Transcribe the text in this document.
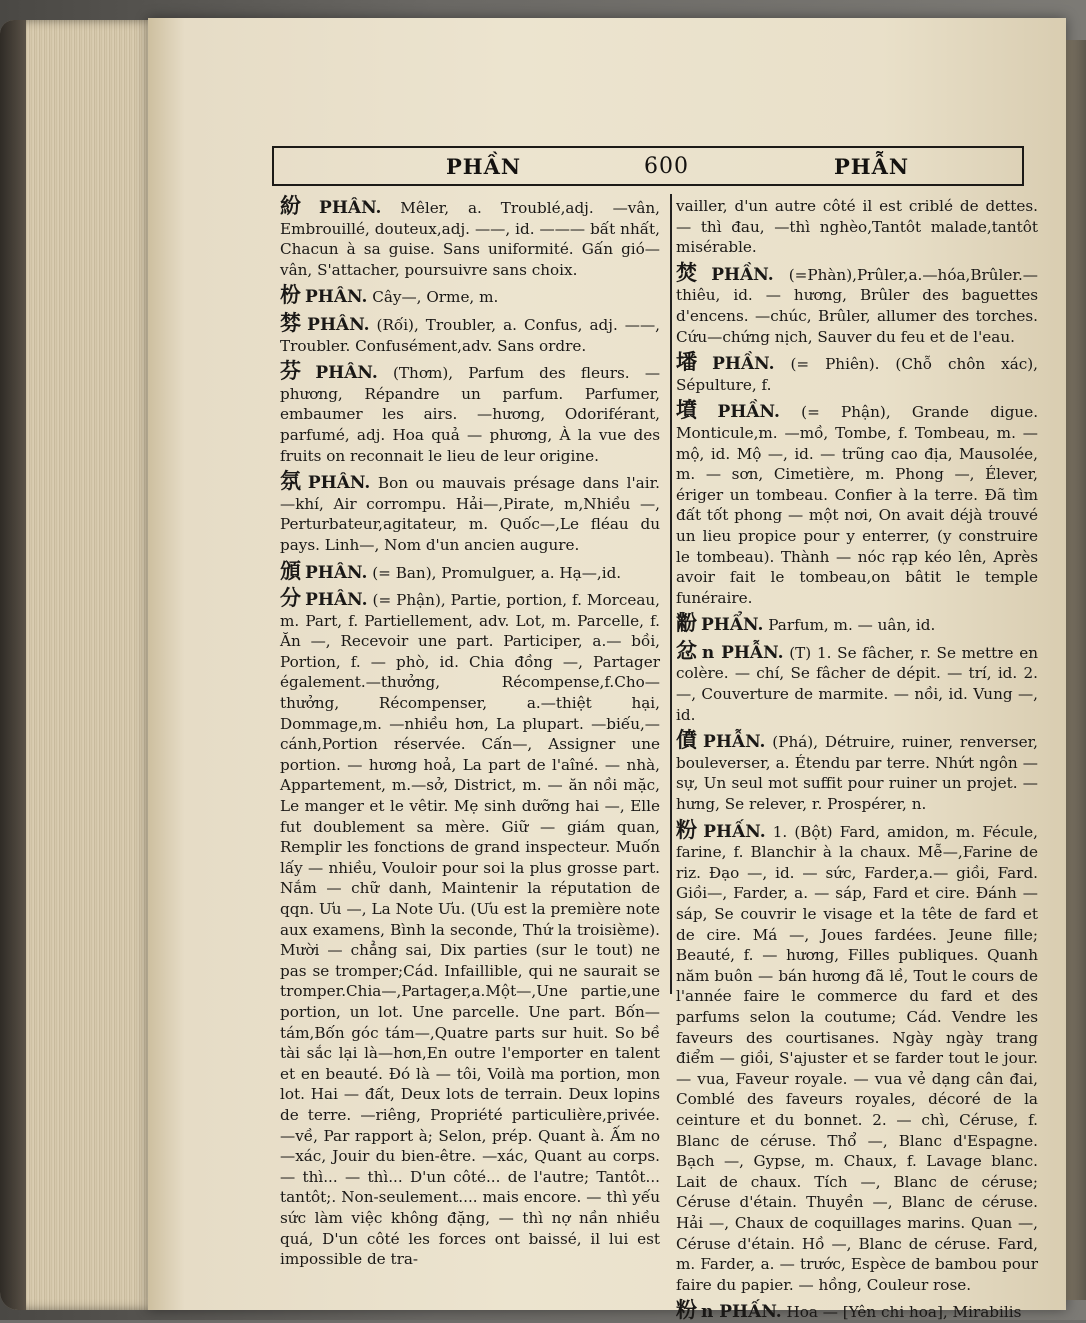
PHẦN	600	PHẪN

紛 PHÂN. Mêler, a. Troublé,adj. —vân, Embrouillé, douteux,adj. ——, id. ——— bất nhất, Chacun à sa guise. Sans uniformité. Gấn gió—vân, S'attacher, poursuivre sans choix.

枌 PHÂN. Cây—, Orme, m.

棼 PHÂN. (Rối), Troubler, a. Confus, adj. ——, Troubler. Confusément,adv. Sans ordre.

芬 PHÂN. (Thơm), Parfum des fleurs. — phương, Répandre un parfum. Parfumer, embaumer les airs. —hương, Odoriférant, parfumé, adj. Hoa quả — phương, À la vue des fruits on reconnait le lieu de leur origine.

氛 PHÂN. Bon ou mauvais présage dans l'air. —khí, Air corrompu. Hải—,Pirate, m,Nhiều —, Perturbateur,agitateur, m. Quốc—,Le fléau du pays. Linh—, Nom d'un ancien augure.

頒 PHÂN. (= Ban), Promulguer, a. Hạ—,id.

分 PHÂN. (= Phận), Partie, portion, f. Morceau, m. Part, f. Partiellement, adv. Lot, m. Parcelle, f. Ăn —, Recevoir une part. Participer, a.— bồi, Portion, f. — phò, id. Chia đồng —, Partager également.—thưởng, Récompense,f.Cho—thưởng, Récompenser, a.—thiệt hại, Dommage,m. —nhiều hơn, La plupart. —biếu,—cánh,Portion réservée. Cấn—, Assigner une portion. — hương hoả, La part de l'aîné. — nhà, Appartement, m.—sở, District, m. — ăn nồi mặc, Le manger et le vêtir. Mẹ sinh dưỡng hai —, Elle fut doublement sa mère. Giữ — giám quan, Remplir les fonctions de grand inspecteur. Muốn lấy — nhiều, Vouloir pour soi la plus grosse part. Nắm — chữ danh, Maintenir la réputation de qqn. Ưu —, La Note Ưu. (Ưu est la première note aux examens, Bình la seconde, Thứ la troisième). Mười — chẳng sai, Dix parties (sur le tout) ne pas se tromper;Cád. Infaillible, qui ne saurait se tromper.Chia—,Partager,a.Một—,Une partie,une portion, un lot. Une parcelle. Une part. Bốn—tám,Bốn góc tám—,Quatre parts sur huit. So bề tài sắc lại là—hơn,En outre l'emporter en talent et en beauté. Đó là — tôi, Voilà ma portion, mon lot. Hai — đất, Deux lots de terrain. Deux lopins de terre. —riêng, Propriété particulière,privée. —về, Par rapport à; Selon, prép. Quant à. Ấm no—xác, Jouir du bien-être. —xác, Quant au corps. — thì... — thì... D'un côté... de l'autre; Tantôt... tantôt;. Non-seulement.... mais encore. — thì yếu sức làm việc không đặng, — thì nợ nần nhiều quá, D'un côté les forces ont baissé, il lui est impossible de tra-

vailler, d'un autre côté il est criblé de dettes. — thì đau, —thì nghèo,Tantôt malade,tantôt misérable.

焚 PHẦN. (=Phàn),Prûler,a.—hóa,Brûler.—thiêu, id. — hương, Brûler des baguettes d'encens. —chúc, Brûler, allumer des torches. Cứu—chứng nịch, Sauver du feu et de l'eau.

墦 PHẦN. (= Phiên). (Chỗ chôn xác), Sépulture, f.

墳 PHẦN. (= Phận), Grande digue. Monticule,m. —mồ, Tombe, f. Tombeau, m. — mộ, id. Mộ —, id. — trũng cao địa, Mausolée, m. — sơn, Cimetière, m. Phong —, Élever, ériger un tombeau. Confier à la terre. Đã tìm đất tốt phong — một nơi, On avait déjà trouvé un lieu propice pour y enterrer, (y construire le tombeau). Thành — nóc rạp kéo lên, Après avoir fait le tombeau,on bâtit le temple funéraire.

黺 PHẨN. Parfum, m. — uân, id.

忿 n PHẪN. (T) 1. Se fâcher, r. Se mettre en colère. — chí, Se fâcher de dépit. — trí, id. 2.—, Couverture de marmite. — nồi, id. Vung —, id.

僨 PHẪN. (Phá), Détruire, ruiner, renverser, bouleverser, a. Étendu par terre. Nhứt ngôn — sự, Un seul mot suffit pour ruiner un projet. — hưng, Se relever, r. Prospérer, n.

粉 PHẤN. 1. (Bột) Fard, amidon, m. Fécule, farine, f. Blanchir à la chaux. Mễ—,Farine de riz. Đạo —, id. — sức, Farder,a.— giồi, Fard. Giồi—, Farder, a. — sáp, Fard et cire. Đánh — sáp, Se couvrir le visage et la tête de fard et de cire. Má —, Joues fardées. Jeune fille; Beauté, f. — hương, Filles publiques. Quanh năm buôn — bán hương đã lề, Tout le cours de l'année faire le commerce du fard et des parfums selon la coutume; Cád. Vendre les faveurs des courtisanes. Ngày ngày trang điểm — giồi, S'ajuster et se farder tout le jour. — vua, Faveur royale. — vua vẻ dạng cân đai, Comblé des faveurs royales, décoré de la ceinture et du bonnet. 2. — chì, Céruse, f. Blanc de céruse. Thổ —, Blanc d'Espagne. Bạch —, Gypse, m. Chaux, f. Lavage blanc. Lait de chaux. Tích —, Blanc de céruse; Céruse d'étain. Thuyền —, Blanc de céruse. Hải —, Chaux de coquillages marins. Quan —, Céruse d'étain. Hồ —, Blanc de céruse. Fard, m. Farder, a. — trước, Espèce de bambou pour faire du papier. — hồng, Couleur rose.

粉 n PHẤN. Hoa — [Yên chi hoa], Mirabilis
